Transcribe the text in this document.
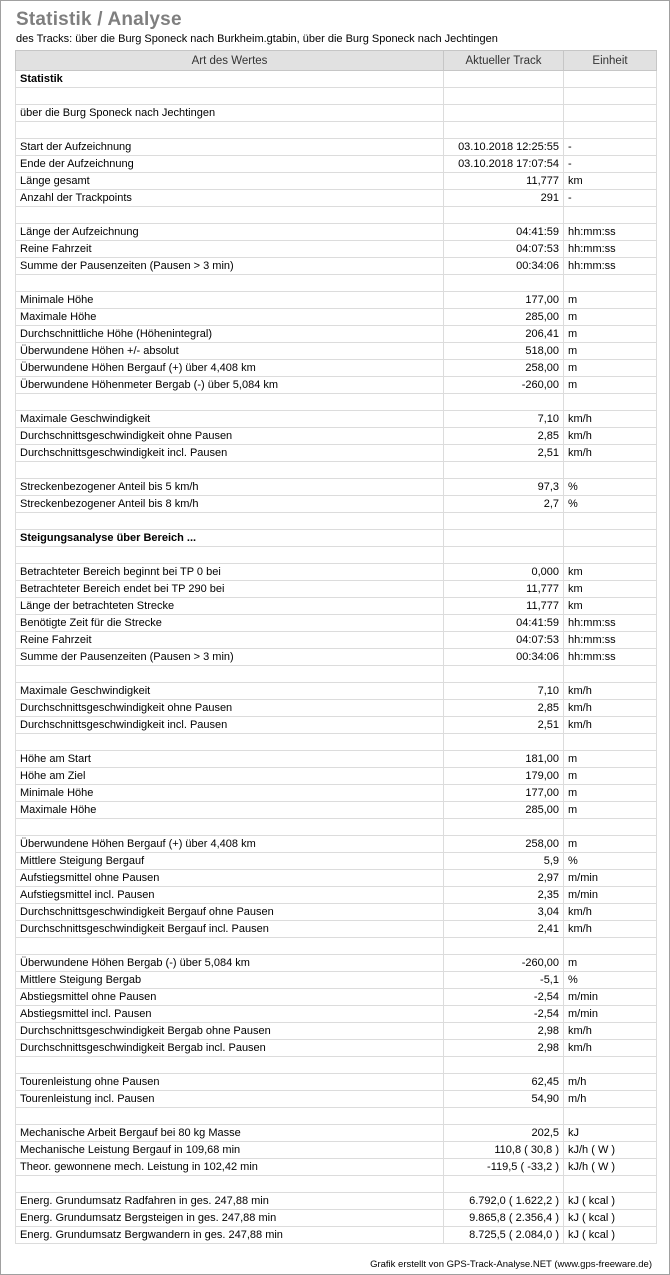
Statistik / Analyse
des Tracks: über die Burg Sponeck nach Burkheim.gtabin, über die Burg Sponeck nach Jechtingen
Art des Wertes	Aktueller Track	Einheit
Statistik		

über die Burg Sponeck nach Jechtingen		

Start der Aufzeichnung	03.10.2018 12:25:55	-
Ende der Aufzeichnung	03.10.2018 17:07:54	-
Länge gesamt	11,777	km
Anzahl der Trackpoints	291	-

Länge der Aufzeichnung	04:41:59	hh:mm:ss
Reine Fahrzeit	04:07:53	hh:mm:ss
Summe der Pausenzeiten (Pausen > 3 min)	00:34:06	hh:mm:ss

Minimale Höhe	177,00	m
Maximale Höhe	285,00	m
Durchschnittliche Höhe (Höhenintegral)	206,41	m
Überwundene Höhen +/- absolut	518,00	m
Überwundene Höhen Bergauf (+) über 4,408 km	258,00	m
Überwundene Höhenmeter Bergab (-) über 5,084 km	-260,00	m

Maximale Geschwindigkeit	7,10	km/h
Durchschnittsgeschwindigkeit ohne Pausen	2,85	km/h
Durchschnittsgeschwindigkeit incl. Pausen	2,51	km/h

Streckenbezogener Anteil bis 5 km/h	97,3	%
Streckenbezogener Anteil bis 8 km/h	2,7	%

Steigungsanalyse über Bereich ...		

Betrachteter Bereich beginnt bei TP 0 bei	0,000	km
Betrachteter Bereich endet bei TP 290 bei	11,777	km
Länge der betrachteten Strecke	11,777	km
Benötigte Zeit für die Strecke	04:41:59	hh:mm:ss
Reine Fahrzeit	04:07:53	hh:mm:ss
Summe der Pausenzeiten (Pausen > 3 min)	00:34:06	hh:mm:ss

Maximale Geschwindigkeit	7,10	km/h
Durchschnittsgeschwindigkeit ohne Pausen	2,85	km/h
Durchschnittsgeschwindigkeit incl. Pausen	2,51	km/h

Höhe am Start	181,00	m
Höhe am Ziel	179,00	m
Minimale Höhe	177,00	m
Maximale Höhe	285,00	m

Überwundene Höhen Bergauf (+) über 4,408 km	258,00	m
Mittlere Steigung Bergauf	5,9	%
Aufstiegsmittel ohne Pausen	2,97	m/min
Aufstiegsmittel incl. Pausen	2,35	m/min
Durchschnittsgeschwindigkeit Bergauf ohne Pausen	3,04	km/h
Durchschnittsgeschwindigkeit Bergauf incl. Pausen	2,41	km/h

Überwundene Höhen Bergab (-) über 5,084 km	-260,00	m
Mittlere Steigung Bergab	-5,1	%
Abstiegsmittel ohne Pausen	-2,54	m/min
Abstiegsmittel incl. Pausen	-2,54	m/min
Durchschnittsgeschwindigkeit Bergab ohne Pausen	2,98	km/h
Durchschnittsgeschwindigkeit Bergab incl. Pausen	2,98	km/h

Tourenleistung ohne Pausen	62,45	m/h
Tourenleistung incl. Pausen	54,90	m/h

Mechanische Arbeit Bergauf bei 80 kg Masse	202,5	kJ
Mechanische Leistung Bergauf in 109,68 min	110,8 ( 30,8 )	kJ/h ( W )
Theor. gewonnene mech. Leistung in 102,42 min	-119,5 ( -33,2 )	kJ/h ( W )

Energ. Grundumsatz Radfahren in ges. 247,88 min	6.792,0 ( 1.622,2 )	kJ ( kcal )
Energ. Grundumsatz Bergsteigen in ges. 247,88 min	9.865,8 ( 2.356,4 )	kJ ( kcal )
Energ. Grundumsatz Bergwandern in ges. 247,88 min	8.725,5 ( 2.084,0 )	kJ ( kcal )
Grafik erstellt von GPS-Track-Analyse.NET (www.gps-freeware.de)
